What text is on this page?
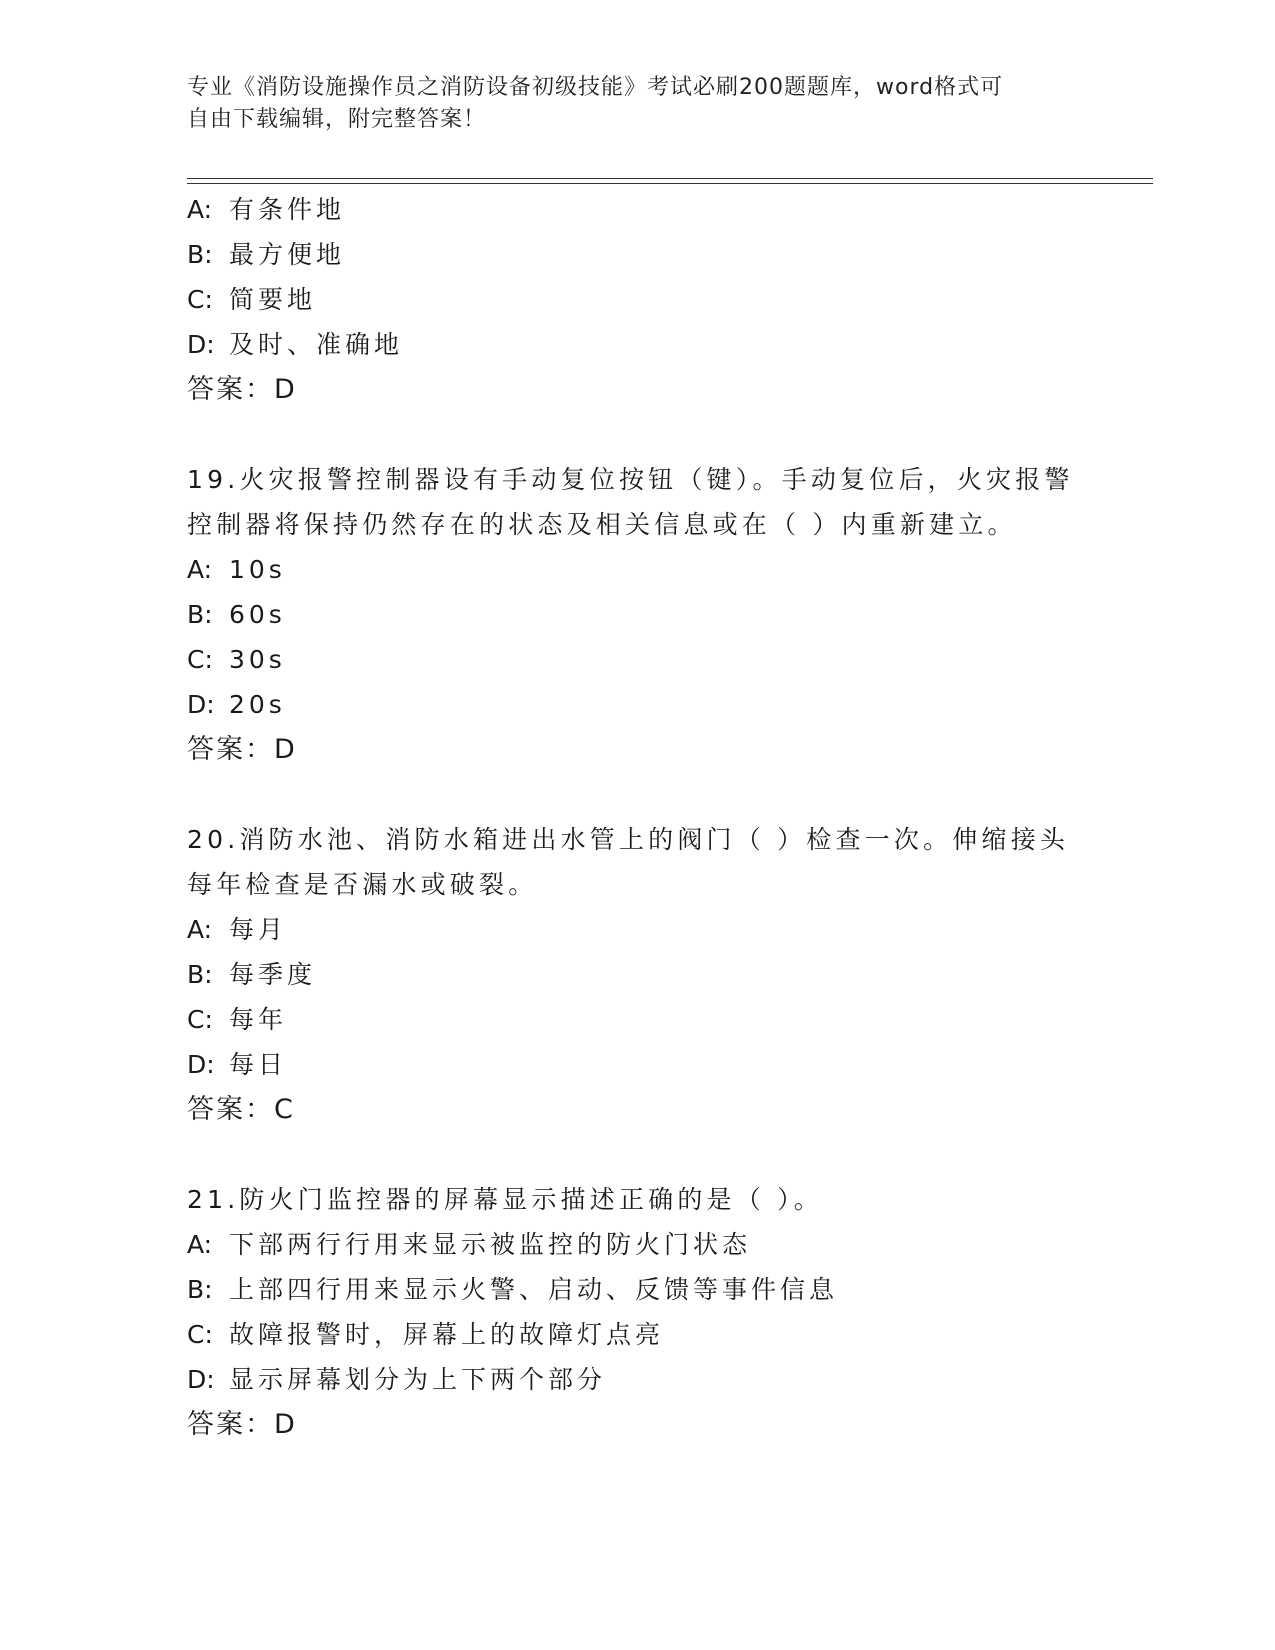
专业《消防设施操作员之消防设备初级技能》考试必刷200题题库，word格式可
自由下载编辑，附完整答案！
A: 有条件地
B: 最方便地
C: 简要地
D: 及时、准确地
答案：D
19.火灾报警控制器设有手动复位按钮（键）。手动复位后，火灾报警
控制器将保持仍然存在的状态及相关信息或在（ ）内重新建立。
A: 10s
B: 60s
C: 30s
D: 20s
答案：D
20.消防水池、消防水箱进出水管上的阀门（ ）检查一次。伸缩接头
每年检查是否漏水或破裂。
A: 每月
B: 每季度
C: 每年
D: 每日
答案：C
21.防火门监控器的屏幕显示描述正确的是（ ）。
A: 下部两行行用来显示被监控的防火门状态
B: 上部四行用来显示火警、启动、反馈等事件信息
C: 故障报警时，屏幕上的故障灯点亮
D: 显示屏幕划分为上下两个部分
答案：D
